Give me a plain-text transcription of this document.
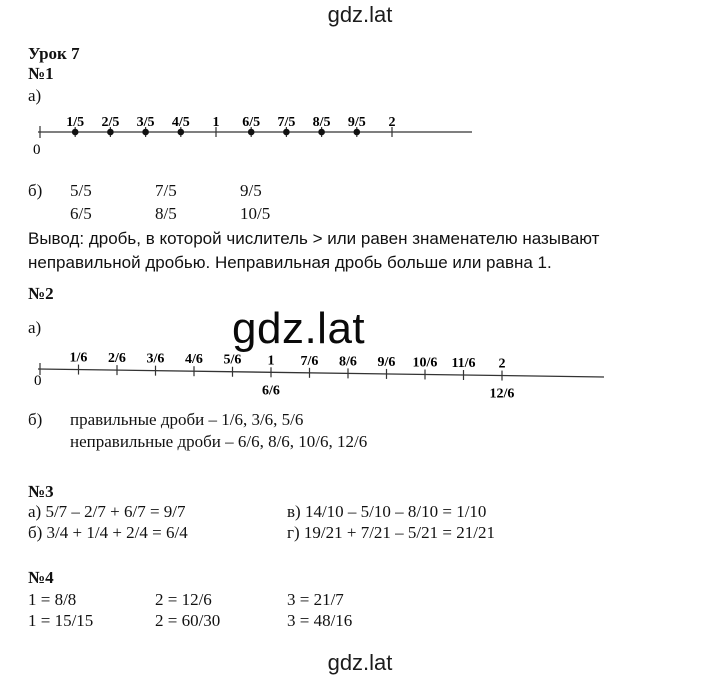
gdz.lat
gdz.lat
gdz.lat
Урок 7
№1
а)
0
1/5 2/5 3/5 4/5 1 6/5 7/5 8/5 9/5 2
б) 5/5	7/5	9/5
6/5	8/5	10/5
Вывод: дробь, в которой числитель > или равен знаменателю называют
неправильной дробью. Неправильная дробь больше или равна 1.
№2
а)
0
1/6 2/6 3/6 4/6 5/6 1 7/6 8/6 9/6 10/6 11/6 2
6/6	12/6
б) правильные дроби – 1/6, 3/6, 5/6
неправильные дроби – 6/6, 8/6, 10/6, 12/6
№3
а) 5/7 – 2/7 + 6/7 = 9/7
б) 3/4 + 1/4 + 2/4 = 6/4
в) 14/10 – 5/10 – 8/10 = 1/10
г) 19/21 + 7/21 – 5/21 = 21/21
№4
1 = 8/8	2 = 12/6	3 = 21/7
1 = 15/15	2 = 60/30	3 = 48/16
